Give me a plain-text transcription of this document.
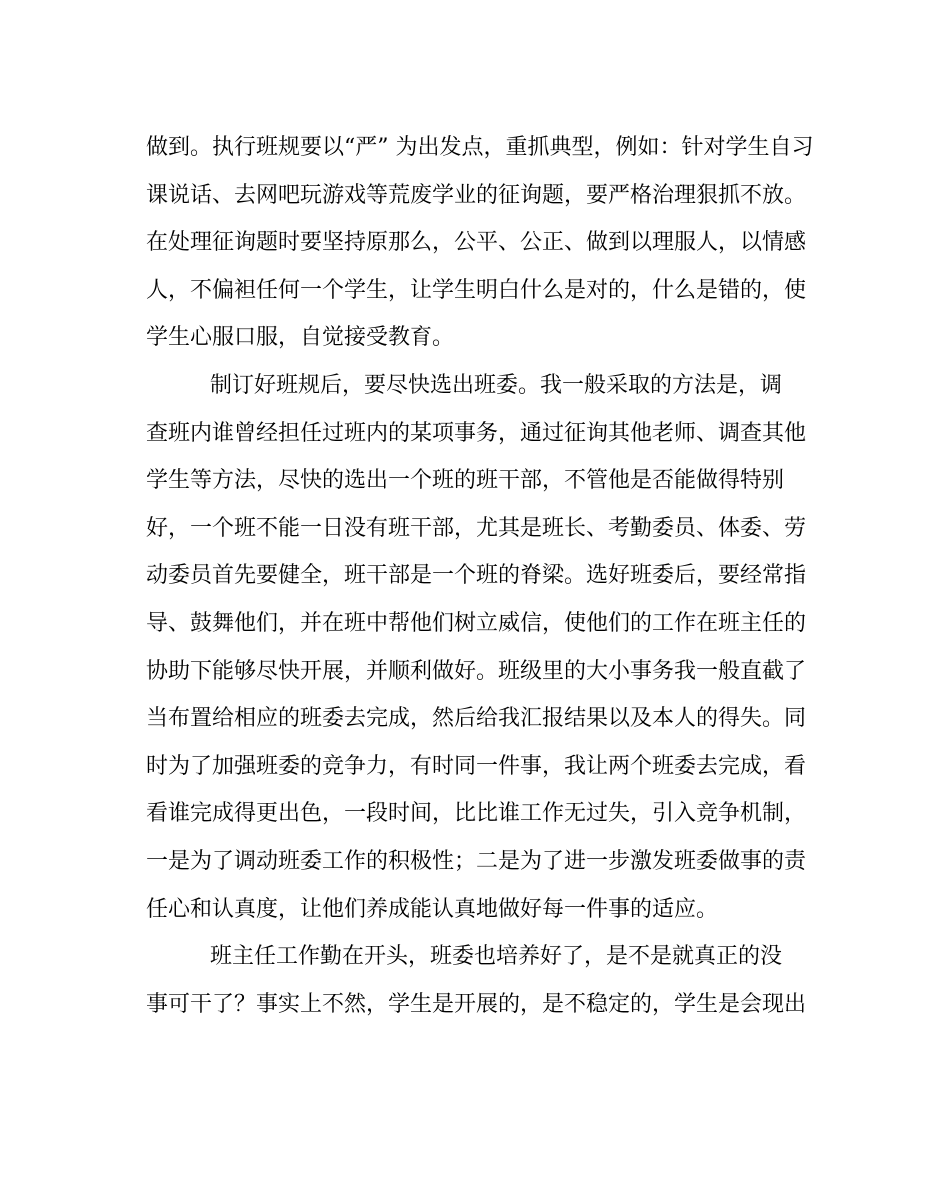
做到。执行班规要以“严” 为出发点，重抓典型，例如：针对学生自习
课说话、去网吧玩游戏等荒废学业的征询题，要严格治理狠抓不放。
在处理征询题时要坚持原那么，公平、公正、做到以理服人，以情感
人，不偏袒任何一个学生，让学生明白什么是对的，什么是错的，使
学生心服口服，自觉接受教育。
制订好班规后，要尽快选出班委。我一般采取的方法是，调
查班内谁曾经担任过班内的某项事务，通过征询其他老师、调查其他
学生等方法，尽快的选出一个班的班干部，不管他是否能做得特别
好，一个班不能一日没有班干部，尤其是班长、考勤委员、体委、劳
动委员首先要健全，班干部是一个班的脊梁。选好班委后，要经常指
导、鼓舞他们，并在班中帮他们树立威信，使他们的工作在班主任的
协助下能够尽快开展，并顺利做好。班级里的大小事务我一般直截了
当布置给相应的班委去完成，然后给我汇报结果以及本人的得失。同
时为了加强班委的竞争力，有时同一件事，我让两个班委去完成，看
看谁完成得更出色，一段时间，比比谁工作无过失，引入竞争机制，
一是为了调动班委工作的积极性；二是为了进一步激发班委做事的责
任心和认真度，让他们养成能认真地做好每一件事的适应。
班主任工作勤在开头，班委也培养好了，是不是就真正的没
事可干了？事实上不然，学生是开展的，是不稳定的，学生是会现出
